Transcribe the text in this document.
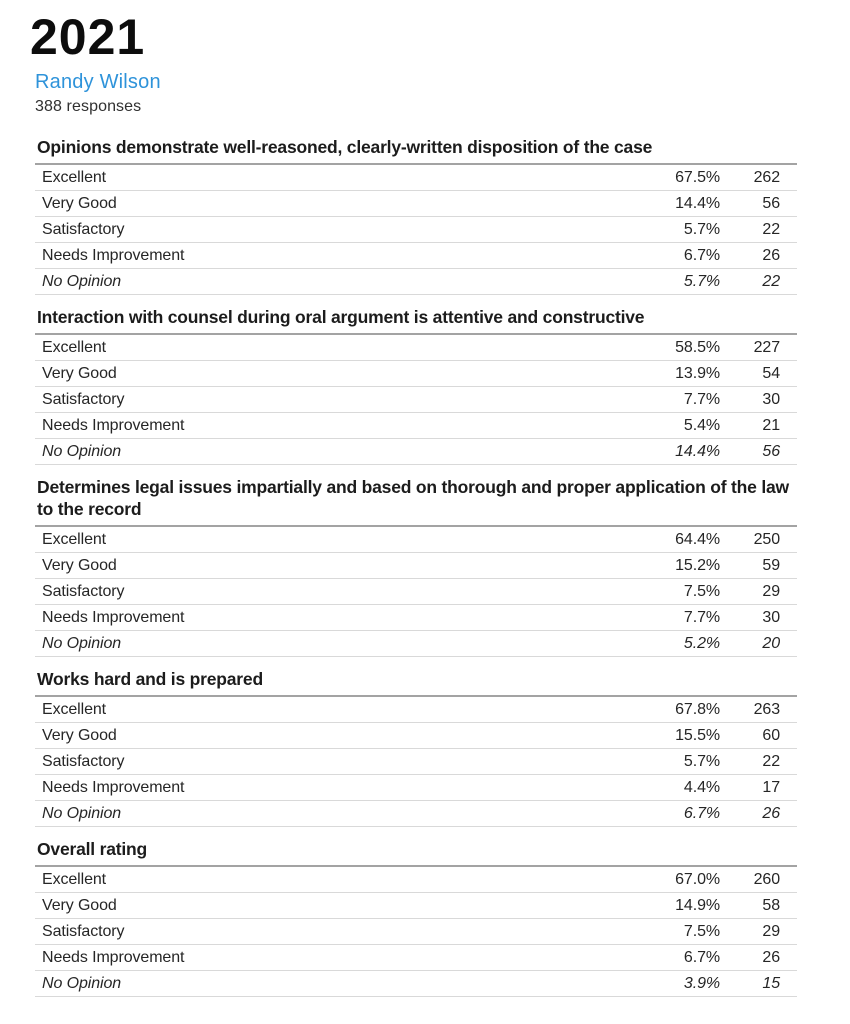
2021
Randy Wilson
388 responses
Opinions demonstrate well-reasoned, clearly-written disposition of the case
Excellent	67.5%	262
Very Good	14.4%	56
Satisfactory	5.7%	22
Needs Improvement	6.7%	26
No Opinion	5.7%	22
Interaction with counsel during oral argument is attentive and constructive
Excellent	58.5%	227
Very Good	13.9%	54
Satisfactory	7.7%	30
Needs Improvement	5.4%	21
No Opinion	14.4%	56
Determines legal issues impartially and based on thorough and proper application of the law to the record
Excellent	64.4%	250
Very Good	15.2%	59
Satisfactory	7.5%	29
Needs Improvement	7.7%	30
No Opinion	5.2%	20
Works hard and is prepared
Excellent	67.8%	263
Very Good	15.5%	60
Satisfactory	5.7%	22
Needs Improvement	4.4%	17
No Opinion	6.7%	26
Overall rating
Excellent	67.0%	260
Very Good	14.9%	58
Satisfactory	7.5%	29
Needs Improvement	6.7%	26
No Opinion	3.9%	15
